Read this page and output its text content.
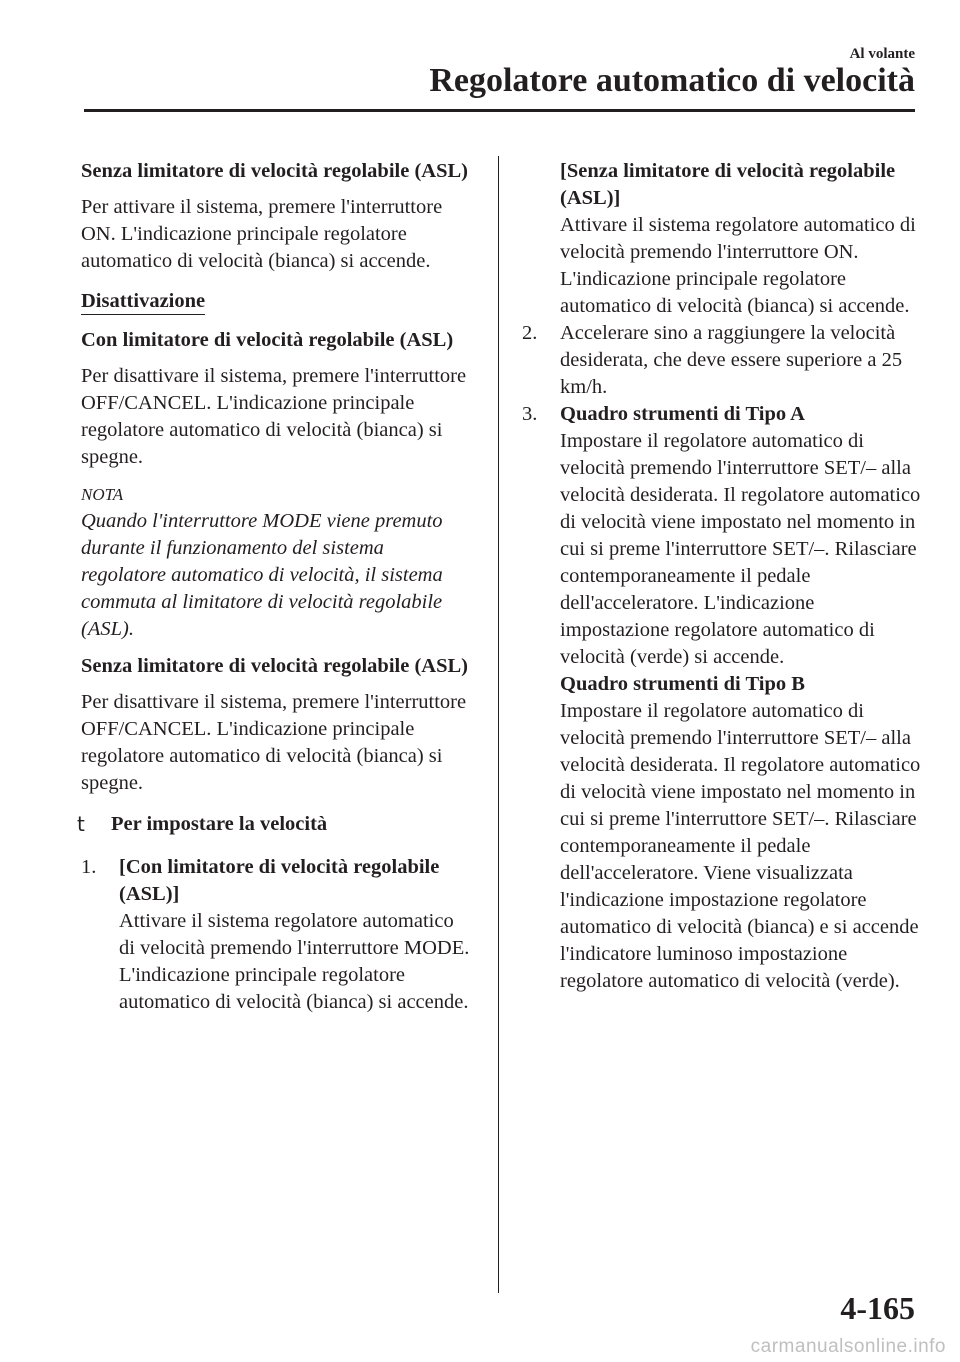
Al volante
Regolatore automatico di velocità
Senza limitatore di velocità regolabile (ASL)
Per attivare il sistema, premere l'interruttore ON. L'indicazione principale regolatore automatico di velocità (bianca) si accende.
Disattivazione
Con limitatore di velocità regolabile (ASL)
Per disattivare il sistema, premere l'interruttore OFF/CANCEL. L'indicazione principale regolatore automatico di velocità (bianca) si spegne.
NOTA
Quando l'interruttore MODE viene premuto durante il funzionamento del sistema regolatore automatico di velocità, il sistema commuta al limitatore di velocità regolabile (ASL).
Senza limitatore di velocità regolabile (ASL)
Per disattivare il sistema, premere l'interruttore OFF/CANCEL. L'indicazione principale regolatore automatico di velocità (bianca) si spegne.
t Per impostare la velocità
1. [Con limitatore di velocità regolabile (ASL)]
Attivare il sistema regolatore automatico di velocità premendo l'interruttore MODE. L'indicazione principale regolatore automatico di velocità (bianca) si accende.
[Senza limitatore di velocità regolabile (ASL)]
Attivare il sistema regolatore automatico di velocità premendo l'interruttore ON. L'indicazione principale regolatore automatico di velocità (bianca) si accende.
2. Accelerare sino a raggiungere la velocità desiderata, che deve essere superiore a 25 km/h.
3. Quadro strumenti di Tipo A
Impostare il regolatore automatico di velocità premendo l'interruttore SET/– alla velocità desiderata. Il regolatore automatico di velocità viene impostato nel momento in cui si preme l'interruttore SET/–. Rilasciare contemporaneamente il pedale dell'acceleratore. L'indicazione impostazione regolatore automatico di velocità (verde) si accende.
Quadro strumenti di Tipo B
Impostare il regolatore automatico di velocità premendo l'interruttore SET/– alla velocità desiderata. Il regolatore automatico di velocità viene impostato nel momento in cui si preme l'interruttore SET/–. Rilasciare contemporaneamente il pedale dell'acceleratore. Viene visualizzata l'indicazione impostazione regolatore automatico di velocità (bianca) e si accende l'indicatore luminoso impostazione regolatore automatico di velocità (verde).
4-165
carmanualsonline.info
